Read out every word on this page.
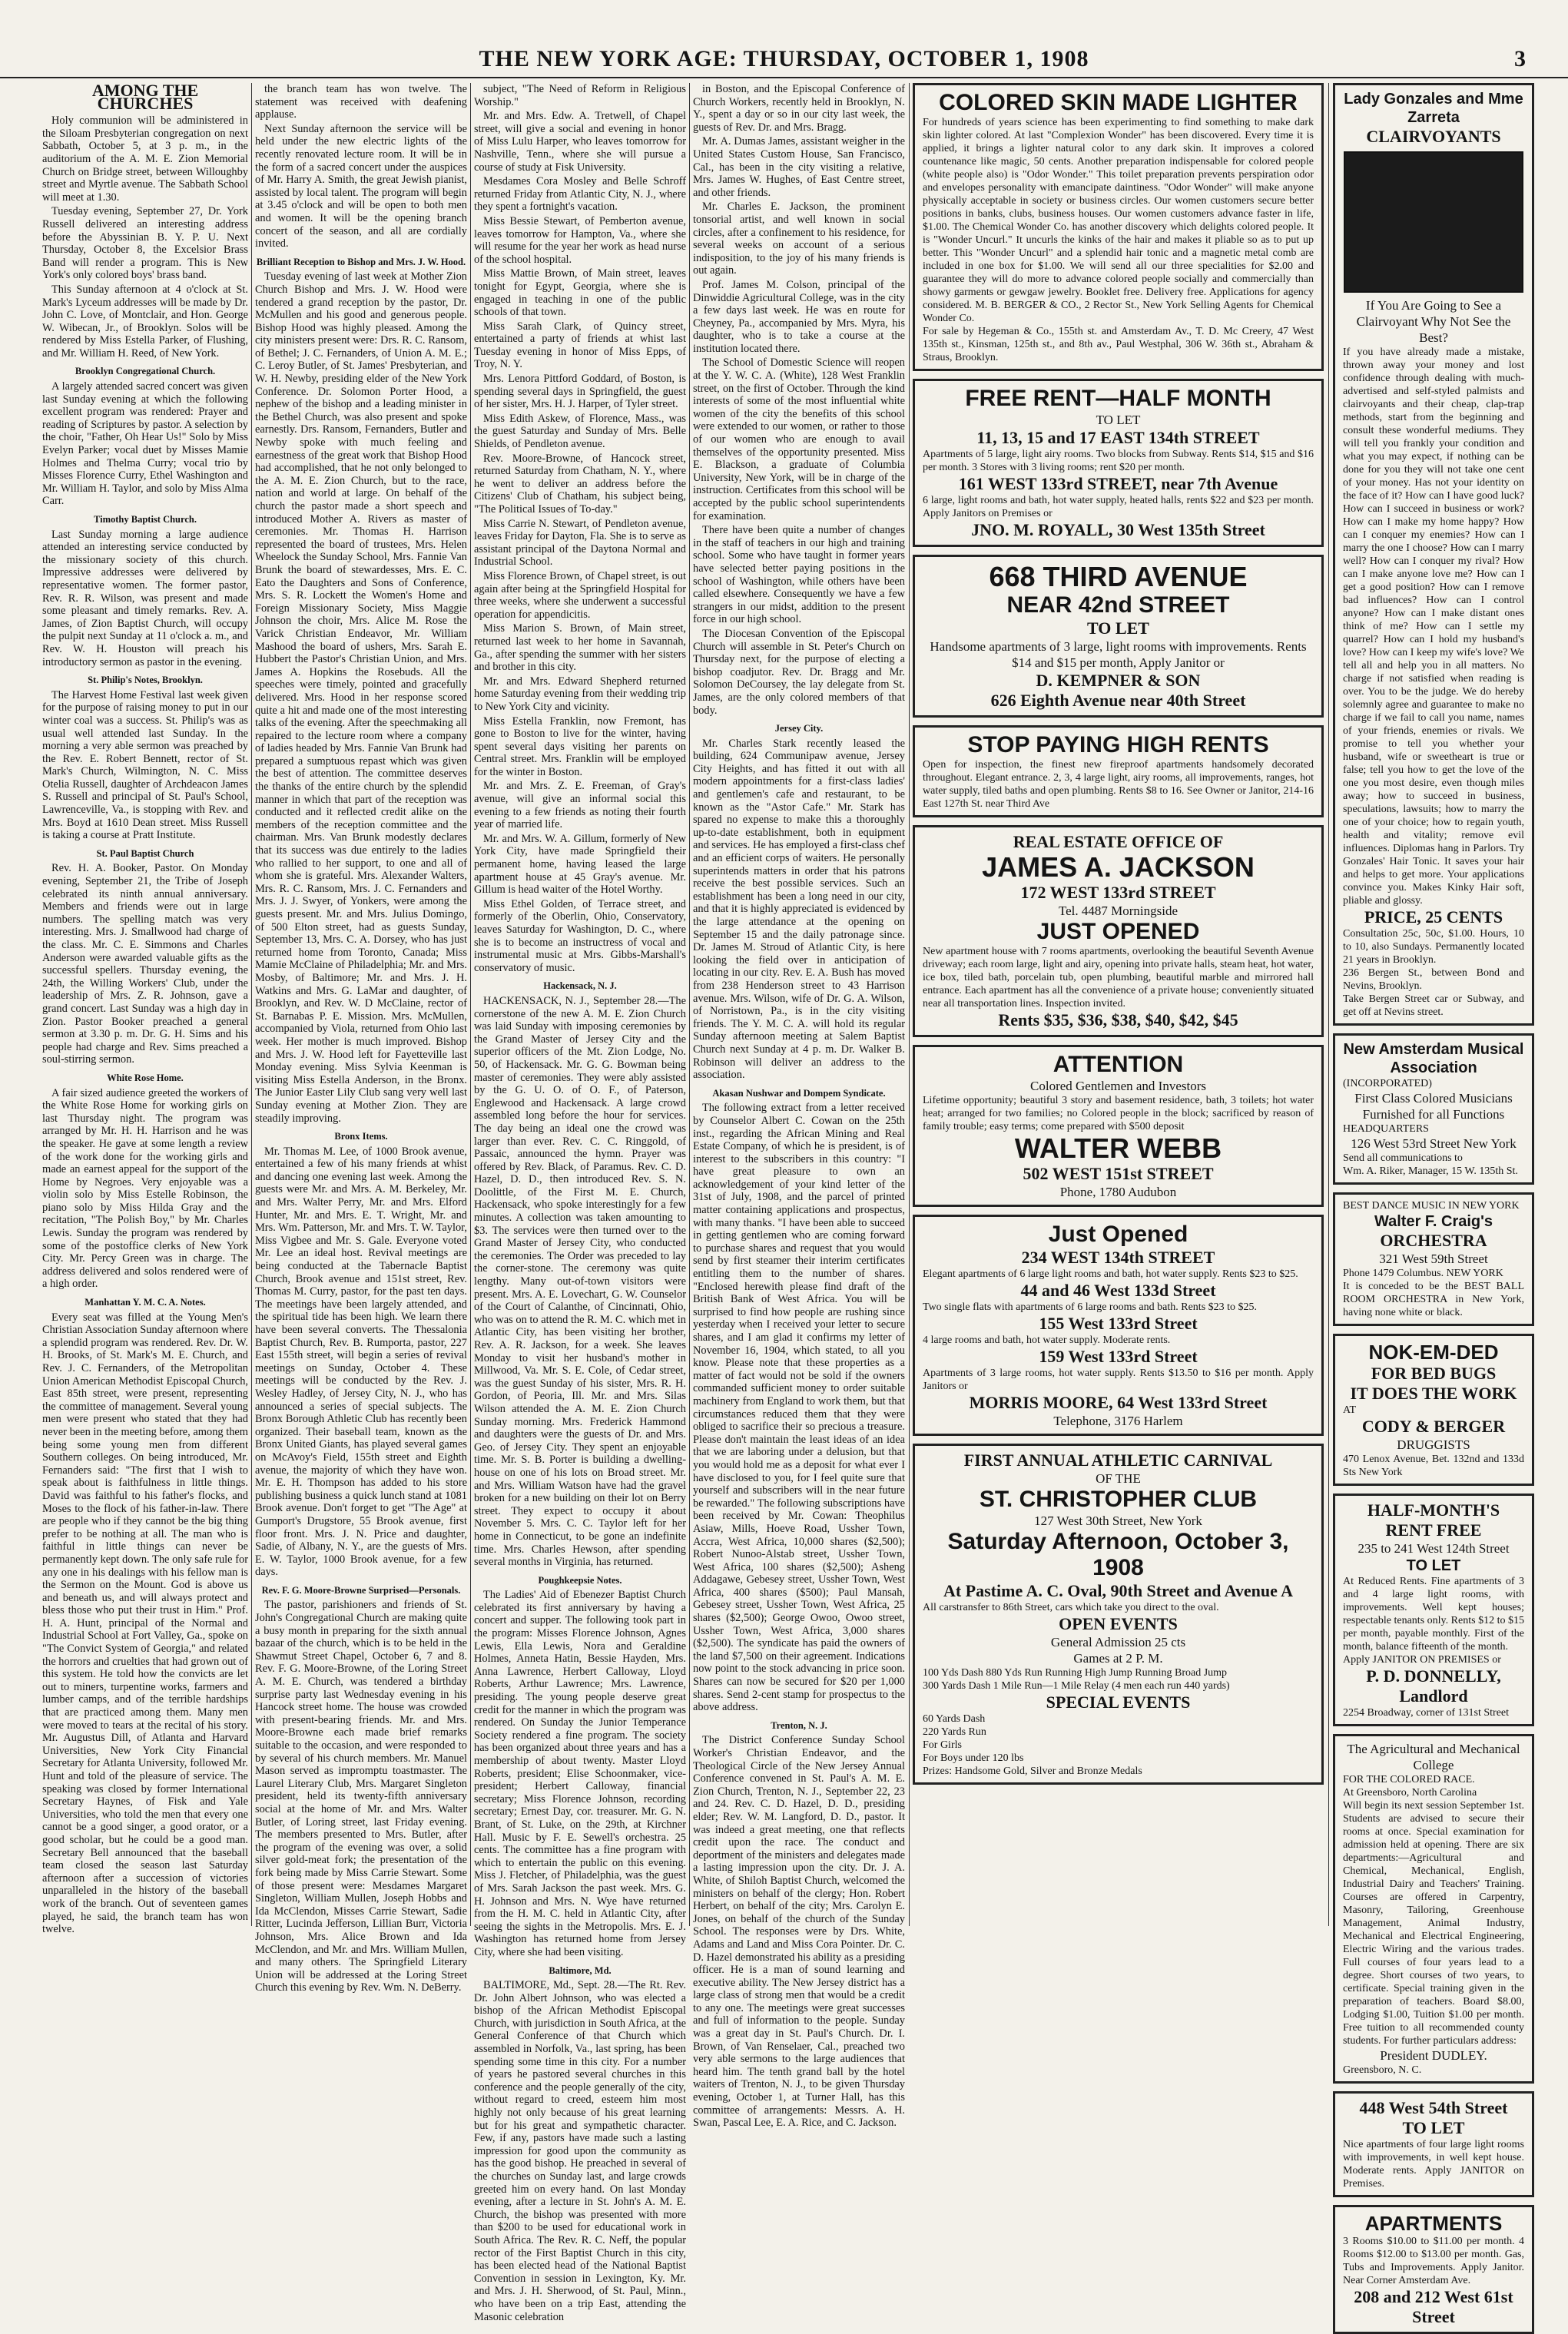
THE NEW YORK AGE: THURSDAY, OCTOBER 1, 1908	3
AMONG THE CHURCHES

Holy communion will be administered in the Siloam Presbyterian congregation on next Sabbath, October 5, at 3 p. m., in the auditorium of the A. M. E. Zion Memorial Church on Bridge street, between Willoughby street and Myrtle avenue. The Sabbath School will meet at 1.30.

Tuesday evening, September 27, Dr. York Russell delivered an interesting address before the Abyssinian B. Y. P. U. Next Thursday, October 8, the Excelsior Brass Band will render a program. This is New York's only colored boys' brass band.

This Sunday afternoon at 4 o'clock at St. Mark's Lyceum addresses will be made by Dr. John C. Love, of Montclair, and Hon. George W. Wibecan, Jr., of Brooklyn. Solos will be rendered by Miss Estella Parker, of Flushing, and Mr. William H. Reed, of New York.

Brooklyn Congregational Church.

A largely attended sacred concert was given last Sunday evening at which the following excellent program was rendered: Prayer and reading of Scriptures by pastor. A selection by the choir, "Father, Oh Hear Us!" Solo by Miss Evelyn Parker; vocal duet by Misses Mamie Holmes and Thelma Curry; vocal trio by Misses Florence Curry, Ethel Washington and Mr. William H. Taylor, and solo by Miss Alma Carr.

Timothy Baptist Church.

Last Sunday morning a large audience attended an interesting service conducted by the missionary society of this church. Impressive addresses were delivered by representative women. The former pastor, Rev. R. R. Wilson, was present and made some pleasant and timely remarks. Rev. A. James, of Zion Baptist Church, will occupy the pulpit next Sunday at 11 o'clock a. m., and Rev. W. H. Houston will preach his introductory sermon as pastor in the evening.

St. Philip's Notes, Brooklyn.

The Harvest Home Festival last week given for the purpose of raising money to put in our winter coal was a success. St. Philip's was as usual well attended last Sunday. In the morning a very able sermon was preached by the Rev. E. Robert Bennett, rector of St. Mark's Church, Wilmington, N. C. Miss Otelia Russell, daughter of Archdeacon James S. Russell and principal of St. Paul's School, Lawrenceville, Va., is stopping with Rev. and Mrs. Boyd at 1610 Dean street. Miss Russell is taking a course at Pratt Institute.

St. Paul Baptist Church

Rev. H. A. Booker, Pastor. On Monday evening, September 21, the Tribe of Joseph celebrated its ninth annual anniversary. Members and friends were out in large numbers. The spelling match was very interesting. Mrs. J. Smallwood had charge of the class. Mr. C. E. Simmons and Charles Anderson were awarded valuable gifts as the successful spellers. Thursday evening, the 24th, the Willing Workers' Club, under the leadership of Mrs. Z. R. Johnson, gave a grand concert. Last Sunday was a high day in Zion. Pastor Booker preached a general sermon at 3.30 p. m. Dr. G. H. Sims and his people had charge and Rev. Sims preached a soul-stirring sermon.

White Rose Home.

A fair sized audience greeted the workers of the White Rose Home for working girls on last Thursday night. The program was arranged by Mr. H. H. Harrison and he was the speaker. He gave at some length a review of the work done for the working girls and made an earnest appeal for the support of the Home by Negroes. Very enjoyable was a violin solo by Miss Estelle Robinson, the piano solo by Miss Hilda Gray and the recitation, "The Polish Boy," by Mr. Charles Lewis. Sunday the program was rendered by some of the postoffice clerks of New York City. Mr. Percy Green was in charge. The address delivered and solos rendered were of a high order.

Manhattan Y. M. C. A. Notes.

Every seat was filled at the Young Men's Christian Association Sunday afternoon where a splendid program was rendered. Rev. Dr. W. H. Brooks, of St. Mark's M. E. Church, and Rev. J. C. Fernanders, of the Metropolitan Union American Methodist Episcopal Church, East 85th street, were present, representing the committee of management. Several young men were present who stated that they had never been in the meeting before, among them being some young men from different Southern colleges. On being introduced, Mr. Fernanders said: "The first that I wish to speak about is faithfulness in little things. David was faithful to his father's flocks, and Moses to the flock of his father-in-law. There are people who if they cannot be the big thing prefer to be nothing at all. The man who is faithful in little things can never be permanently kept down. The only safe rule for any one in his dealings with his fellow man is the Sermon on the Mount. God is above us and beneath us, and will always protect and bless those who put their trust in Him." Prof. H. A. Hunt, principal of the Normal and Industrial School at Fort Valley, Ga., spoke on "The Convict System of Georgia," and related the horrors and cruelties that had grown out of this system. He told how the convicts are let out to miners, turpentine works, farmers and lumber camps, and of the terrible hardships that are practiced among them. Many men were moved to tears at the recital of his story. Mr. Augustus Dill, of Atlanta and Harvard Universities, New York City Financial Secretary for Atlanta University, followed Mr. Hunt and told of the pleasure of service. The speaking was closed by former International Secretary Haynes, of Fisk and Yale Universities, who told the men that every one cannot be a good singer, a good orator, or a good scholar, but he could be a good man. Secretary Bell announced that the baseball team closed the season last Saturday afternoon after a succession of victories unparalleled in the history of the baseball work of the branch. Out of seventeen games played, he said, the branch team has won twelve.

the branch team has won twelve. The statement was received with deafening applause.

Next Sunday afternoon the service will be held under the new electric lights of the recently renovated lecture room. It will be in the form of a sacred concert under the auspices of Mr. Harry A. Smith, the great Jewish pianist, assisted by local talent. The program will begin at 3.45 o'clock and will be open to both men and women. It will be the opening branch concert of the season, and all are cordially invited.

Brilliant Reception to Bishop and Mrs. J. W. Hood.

Tuesday evening of last week at Mother Zion Church Bishop and Mrs. J. W. Hood were tendered a grand reception by the pastor, Dr. McMullen and his good and generous people. Bishop Hood was highly pleased. Among the city ministers present were: Drs. R. C. Ransom, of Bethel; J. C. Fernanders, of Union A. M. E.; C. Leroy Butler, of St. James' Presbyterian, and W. H. Newby, presiding elder of the New York Conference. Dr. Solomon Porter Hood, a nephew of the bishop and a leading minister in the Bethel Church, was also present and spoke earnestly. Drs. Ransom, Fernanders, Butler and Newby spoke with much feeling and earnestness of the great work that Bishop Hood had accomplished, that he not only belonged to the A. M. E. Zion Church, but to the race, nation and world at large. On behalf of the church the pastor made a short speech and introduced Mother A. Rivers as master of ceremonies. Mr. Thomas H. Harrison represented the board of trustees, Mrs. Helen Wheelock the Sunday School, Mrs. Fannie Van Brunk the board of stewardesses, Mrs. E. C. Eato the Daughters and Sons of Conference, Mrs. S. R. Lockett the Women's Home and Foreign Missionary Society, Miss Maggie Johnson the choir, Mrs. Alice M. Rose the Varick Christian Endeavor, Mr. William Mashood the board of ushers, Mrs. Sarah E. Hubbert the Pastor's Christian Union, and Mrs. James A. Hopkins the Rosebuds. All the speeches were timely, pointed and gracefully delivered. Mrs. Hood in her response scored quite a hit and made one of the most interesting talks of the evening. After the speechmaking all repaired to the lecture room where a company of ladies headed by Mrs. Fannie Van Brunk had prepared a sumptuous repast which was given the best of attention. The committee deserves the thanks of the entire church by the splendid manner in which that part of the reception was conducted and it reflected credit alike on the members of the reception committee and the chairman. Mrs. Van Brunk modestly declares that its success was due entirely to the ladies who rallied to her support, to one and all of whom she is grateful. Mrs. Alexander Walters, Mrs. R. C. Ransom, Mrs. J. C. Fernanders and Mrs. J. J. Swyer, of Yonkers, were among the guests present. Mr. and Mrs. Julius Domingo, of 500 Elton street, had as guests Sunday, September 13, Mrs. C. A. Dorsey, who has just returned home from Toronto, Canada; Miss Mamie McClaine of Philadelphia; Mr. and Mrs. Mosby, of Baltimore; Mr. and Mrs. J. H. Watkins and Mrs. G. LaMar and daughter, of Brooklyn, and Rev. W. D McClaine, rector of St. Barnabas P. E. Mission. Mrs. McMullen, accompanied by Viola, returned from Ohio last week. Her mother is much improved. Bishop and Mrs. J. W. Hood left for Fayetteville last Monday evening. Miss Sylvia Keenman is visiting Miss Estella Anderson, in the Bronx. The Junior Easter Lily Club sang very well last Sunday evening at Mother Zion. They are steadily improving.

Bronx Items.

Mr. Thomas M. Lee, of 1000 Brook avenue, entertained a few of his many friends at whist and dancing one evening last week. Among the guests were Mr. and Mrs. A. M. Berkeley, Mr. and Mrs. Walter Perry, Mr. and Mrs. Elford Hunter, Mr. and Mrs. E. T. Wright, Mr. and Mrs. Wm. Patterson, Mr. and Mrs. T. W. Taylor, Miss Vigbee and Mr. S. Gale. Everyone voted Mr. Lee an ideal host. Revival meetings are being conducted at the Tabernacle Baptist Church, Brook avenue and 151st street, Rev. Thomas M. Curry, pastor, for the past ten days. The meetings have been largely attended, and the spiritual tide has been high. We learn there have been several converts. The Thessalonia Baptist Church, Rev. B. Rumporta, pastor, 227 East 155th street, will begin a series of revival meetings on Sunday, October 4. These meetings will be conducted by the Rev. J. Wesley Hadley, of Jersey City, N. J., who has announced a series of special subjects. The Bronx Borough Athletic Club has recently been organized. Their baseball team, known as the Bronx United Giants, has played several games on McAvoy's Field, 155th street and Eighth avenue, the majority of which they have won. Mr. E. H. Thompson has added to his store publishing business a quick lunch stand at 1081 Brook avenue. Don't forget to get "The Age" at Gumport's Drugstore, 55 Brook avenue, first floor front. Mrs. J. N. Price and daughter, Sadie, of Albany, N. Y., are the guests of Mrs. E. W. Taylor, 1000 Brook avenue, for a few days.

Rev. F. G. Moore-Browne Surprised—Personals.

The pastor, parishioners and friends of St. John's Congregational Church are making quite a busy month in preparing for the sixth annual bazaar of the church, which is to be held in the Shawmut Street Chapel, October 6, 7 and 8. Rev. F. G. Moore-Browne, of the Loring Street A. M. E. Church, was tendered a birthday surprise party last Wednesday evening in his Hancock street home. The house was crowded with present-bearing friends. Mr. and Mrs. Moore-Browne each made brief remarks suitable to the occasion, and were responded to by several of his church members. Mr. Manuel Mason served as impromptu toastmaster. The Laurel Literary Club, Mrs. Margaret Singleton president, held its twenty-fifth anniversary social at the home of Mr. and Mrs. Walter Butler, of Loring street, last Friday evening. The members presented to Mrs. Butler, after the program of the evening was over, a solid silver gold-meat fork; the presentation of the fork being made by Miss Carrie Stewart. Some of those present were: Mesdames Margaret Singleton, William Mullen, Joseph Hobbs and Ida McClendon, Misses Carrie Stewart, Sadie Ritter, Lucinda Jefferson, Lillian Burr, Victoria Johnson, Mrs. Alice Brown and Ida McClendon, and Mr. and Mrs. William Mullen, and many others. The Springfield Literary Union will be addressed at the Loring Street Church this evening by Rev. Wm. N. DeBerry.

subject, "The Need of Reform in Religious Worship."

Mr. and Mrs. Edw. A. Tretwell, of Chapel street, will give a social and evening in honor of Miss Lulu Harper, who leaves tomorrow for Nashville, Tenn., where she will pursue a course of study at Fisk University.

Mesdames Cora Mosley and Belle Schroff returned Friday from Atlantic City, N. J., where they spent a fortnight's vacation.

Miss Bessie Stewart, of Pemberton avenue, leaves tomorrow for Hampton, Va., where she will resume for the year her work as head nurse of the school hospital.

Miss Mattie Brown, of Main street, leaves tonight for Egypt, Georgia, where she is engaged in teaching in one of the public schools of that town.

Miss Sarah Clark, of Quincy street, entertained a party of friends at whist last Tuesday evening in honor of Miss Epps, of Troy, N. Y.

Mrs. Lenora Pittford Goddard, of Boston, is spending several days in Springfield, the guest of her sister, Mrs. H. J. Harper, of Tyler street.

Miss Edith Askew, of Florence, Mass., was the guest Saturday and Sunday of Mrs. Belle Shields, of Pendleton avenue.

Rev. Moore-Browne, of Hancock street, returned Saturday from Chatham, N. Y., where he went to deliver an address before the Citizens' Club of Chatham, his subject being, "The Political Issues of To-day."

Miss Carrie N. Stewart, of Pendleton avenue, leaves Friday for Dayton, Fla. She is to serve as assistant principal of the Daytona Normal and Industrial School.

Miss Florence Brown, of Chapel street, is out again after being at the Springfield Hospital for three weeks, where she underwent a successful operation for appendicitis.

Miss Marion S. Brown, of Main street, returned last week to her home in Savannah, Ga., after spending the summer with her sisters and brother in this city.

Mr. and Mrs. Edward Shepherd returned home Saturday evening from their wedding trip to New York City and vicinity.

Miss Estella Franklin, now Fremont, has gone to Boston to live for the winter, having spent several days visiting her parents on Central street. Mrs. Franklin will be employed for the winter in Boston.

Mr. and Mrs. Z. E. Freeman, of Gray's avenue, will give an informal social this evening to a few friends as noting their fourth year of married life.

Mr. and Mrs. W. A. Gillum, formerly of New York City, have made Springfield their permanent home, having leased the large apartment house at 45 Gray's avenue. Mr. Gillum is head waiter of the Hotel Worthy.

Miss Ethel Golden, of Terrace street, and formerly of the Oberlin, Ohio, Conservatory, leaves Saturday for Washington, D. C., where she is to become an instructress of vocal and instrumental music at Mrs. Gibbs-Marshall's conservatory of music.

Hackensack, N. J.

HACKENSACK, N. J., September 28.—The cornerstone of the new A. M. E. Zion Church was laid Sunday with imposing ceremonies by the Grand Master of Jersey City and the superior officers of the Mt. Zion Lodge, No. 50, of Hackensack. Mr. G. G. Bowman being master of ceremonies. They were ably assisted by the G. U. O. of O. F., of Paterson, Englewood and Hackensack. A large crowd assembled long before the hour for services. The day being an ideal one the crowd was larger than ever. Rev. C. C. Ringgold, of Passaic, announced the hymn. Prayer was offered by Rev. Black, of Paramus. Rev. C. D. Hazel, D. D., then introduced Rev. S. N. Doolittle, of the First M. E. Church, Hackensack, who spoke interestingly for a few minutes. A collection was taken amounting to $3. The services were then turned over to the Grand Master of Jersey City, who conducted the ceremonies. The Order was preceded to lay the corner-stone. The ceremony was quite lengthy. Many out-of-town visitors were present. Mrs. A. E. Lovechart, G. W. Counselor of the Court of Calanthe, of Cincinnati, Ohio, who was on to attend the R. M. C. which met in Atlantic City, has been visiting her brother, Rev. A. R. Jackson, for a week. She leaves Monday to visit her husband's mother in Millwood, Va. Mr. S. E. Cole, of Cedar street, was the guest Sunday of his sister, Mrs. R. H. Gordon, of Peoria, Ill. Mr. and Mrs. Silas Wilson attended the A. M. E. Zion Church Sunday morning. Mrs. Frederick Hammond and daughters were the guests of Dr. and Mrs. Geo. of Jersey City. They spent an enjoyable time. Mr. S. B. Porter is building a dwelling-house on one of his lots on Broad street. Mr. and Mrs. William Watson have had the gravel broken for a new building on their lot on Berry street. They expect to occupy it about November 5. Mrs. C. C. Taylor left for her home in Connecticut, to be gone an indefinite time. Mrs. Charles Hewson, after spending several months in Virginia, has returned.

Poughkeepsie Notes.

The Ladies' Aid of Ebenezer Baptist Church celebrated its first anniversary by having a concert and supper. The following took part in the program: Misses Florence Johnson, Agnes Lewis, Ella Lewis, Nora and Geraldine Holmes, Anneta Hatin, Bessie Hayden, Mrs. Anna Lawrence, Herbert Calloway, Lloyd Roberts, Arthur Lawrence; Mrs. Lawrence, presiding. The young people deserve great credit for the manner in which the program was rendered. On Sunday the Junior Temperance Society rendered a fine program. The society has been organized about three years and has a membership of about twenty. Master Lloyd Roberts, president; Elise Schoonmaker, vice-president; Herbert Calloway, financial secretary; Miss Florence Johnson, recording secretary; Ernest Day, cor. treasurer. Mr. G. N. Brant, of St. Luke, on the 29th, at Kirchner Hall. Music by F. E. Sewell's orchestra. 25 cents. The committee has a fine program with which to entertain the public on this evening. Miss J. Fletcher, of Philadelphia, was the guest of Mrs. Sarah Jackson the past week. Mrs. G. H. Johnson and Mrs. N. Wye have returned from the H. M. C. held in Atlantic City, after seeing the sights in the Metropolis. Mrs. E. J. Washington has returned home from Jersey City, where she had been visiting.

Baltimore, Md.

BALTIMORE, Md., Sept. 28.—The Rt. Rev. Dr. John Albert Johnson, who was elected a bishop of the African Methodist Episcopal Church, with jurisdiction in South Africa, at the General Conference of that Church which assembled in Norfolk, Va., last spring, has been spending some time in this city. For a number of years he pastored several churches in this conference and the people generally of the city, without regard to creed, esteem him most highly not only because of his great learning but for his great and sympathetic character. Few, if any, pastors have made such a lasting impression for good upon the community as has the good bishop. He preached in several of the churches on Sunday last, and large crowds greeted him on every hand. On last Monday evening, after a lecture in St. John's A. M. E. Church, the bishop was presented with more than $200 to be used for educational work in South Africa. The Rev. R. C. Neff, the popular rector of the First Baptist Church in this city, has been elected head of the National Baptist Convention in session in Lexington, Ky. Mr. and Mrs. J. H. Sherwood, of St. Paul, Minn., who have been on a trip East, attending the Masonic celebration

in Boston, and the Episcopal Conference of Church Workers, recently held in Brooklyn, N. Y., spent a day or so in our city last week, the guests of Rev. Dr. and Mrs. Bragg.

Mr. A. Dumas James, assistant weigher in the United States Custom House, San Francisco, Cal., has been in the city visiting a relative, Mrs. James W. Hughes, of East Centre street, and other friends.

Mr. Charles E. Jackson, the prominent tonsorial artist, and well known in social circles, after a confinement to his residence, for several weeks on account of a serious indisposition, to the joy of his many friends is out again.

Prof. James M. Colson, principal of the Dinwiddie Agricultural College, was in the city a few days last week. He was en route for Cheyney, Pa., accompanied by Mrs. Myra, his daughter, who is to take a course at the institution located there.

The School of Domestic Science will reopen at the Y. W. C. A. (White), 128 West Franklin street, on the first of October. Through the kind interests of some of the most influential white women of the city the benefits of this school were extended to our women, or rather to those of our women who are enough to avail themselves of the opportunity presented. Miss E. Blackson, a graduate of Columbia University, New York, will be in charge of the instruction. Certificates from this school will be accepted by the public school superintendents for examination.

There have been quite a number of changes in the staff of teachers in our high and training school. Some who have taught in former years have selected better paying positions in the school of Washington, while others have been called elsewhere. Consequently we have a few strangers in our midst, addition to the present force in our high school.

The Diocesan Convention of the Episcopal Church will assemble in St. Peter's Church on Thursday next, for the purpose of electing a bishop coadjutor. Rev. Dr. Bragg and Mr. Solomon DeCoursey, the lay delegate from St. James, are the only colored members of that body.

Jersey City.

Mr. Charles Stark recently leased the building, 624 Communipaw avenue, Jersey City Heights, and has fitted it out with all modern appointments for a first-class ladies' and gentlemen's cafe and restaurant, to be known as the "Astor Cafe." Mr. Stark has spared no expense to make this a thoroughly up-to-date establishment, both in equipment and services. He has employed a first-class chef and an efficient corps of waiters. He personally superintends matters in order that his patrons receive the best possible services. Such an establishment has been a long need in our city, and that it is highly appreciated is evidenced by the large attendance at the opening on September 15 and the daily patronage since. Dr. James M. Stroud of Atlantic City, is here looking the field over in anticipation of locating in our city. Rev. E. A. Bush has moved from 238 Henderson street to 43 Harrison avenue. Mrs. Wilson, wife of Dr. G. A. Wilson, of Norristown, Pa., is in the city visiting friends. The Y. M. C. A. will hold its regular Sunday afternoon meeting at Salem Baptist Church next Sunday at 4 p. m. Dr. Walker B. Robinson will deliver an address to the association.

Akasan Nushwar and Dompem Syndicate.

The following extract from a letter received by Counselor Albert C. Cowan on the 25th inst., regarding the African Mining and Real Estate Company, of which he is president, is of interest to the subscribers in this country: "I have great pleasure to own an acknowledgement of your kind letter of the 31st of July, 1908, and the parcel of printed matter containing applications and prospectus, with many thanks. "I have been able to succeed in getting gentlemen who are coming forward to purchase shares and request that you would send by first steamer their interim certificates entitling them to the number of shares. "Enclosed herewith please find draft of the British Bank of West Africa. You will be surprised to find how people are rushing since yesterday when I received your letter to secure shares, and I am glad it confirms my letter of November 16, 1904, which stated, to all you know. Please note that these properties as a matter of fact would not be sold if the owners commanded sufficient money to order suitable machinery from England to work them, but that circumstances reduced them that they were obliged to sacrifice their so precious a treasure. Please don't maintain the least ideas of an idea that we are laboring under a delusion, but that you would hold me as a deposit for what ever I have disclosed to you, for I feel quite sure that yourself and subscribers will in the near future be rewarded." The following subscriptions have been received by Mr. Cowan: Theophilus Asiaw, Mills, Hoeve Road, Ussher Town, Accra, West Africa, 10,000 shares ($2,500); Robert Nunoo-Alstab street, Ussher Town, West Africa, 100 shares ($2,500); Asheng Addagawe, Gebesey street, Ussher Town, West Africa, 400 shares ($500); Paul Mansah, Gebesey street, Ussher Town, West Africa, 25 shares ($2,500); George Owoo, Owoo street, Ussher Town, West Africa, 3,000 shares ($2,500). The syndicate has paid the owners of the land $7,500 on their agreement. Indications now point to the stock advancing in price soon. Shares can now be secured for $20 per 1,000 shares. Send 2-cent stamp for prospectus to the above address.

Trenton, N. J.

The District Conference Sunday School Worker's Christian Endeavor, and the Theological Circle of the New Jersey Annual Conference convened in St. Paul's A. M. E. Zion Church, Trenton, N. J., September 22, 23 and 24. Rev. C. D. Hazel, D. D., presiding elder; Rev. W. M. Langford, D. D., pastor. It was indeed a great meeting, one that reflects credit upon the race. The conduct and deportment of the ministers and delegates made a lasting impression upon the city. Dr. J. A. White, of Shiloh Baptist Church, welcomed the ministers on behalf of the clergy; Hon. Robert Herbert, on behalf of the city; Mrs. Carolyn E. Jones, on behalf of the church of the Sunday School. The responses were by Drs. White, Adams and Land and Miss Cora Pointer. Dr. C. D. Hazel demonstrated his ability as a presiding officer. He is a man of sound learning and executive ability. The New Jersey district has a large class of strong men that would be a credit to any one. The meetings were great successes and full of information to the people. Sunday was a great day in St. Paul's Church. Dr. I. Brown, of Van Renselaer, Cal., preached two very able sermons to the large audiences that heard him. The tenth grand ball by the hotel waiters of Trenton, N. J., to be given Thursday evening, October 1, at Turner Hall, has this committee of arrangements: Messrs. A. H. Swan, Pascal Lee, E. A. Rice, and C. Jackson.

COLORED SKIN MADE LIGHTER
For hundreds of years science has been experimenting to find something to make dark skin lighter colored. At last "Complexion Wonder" has been discovered. Every time it is applied, it brings a lighter natural color to any dark skin. It improves a colored countenance like magic, 50 cents. Another preparation indispensable for colored people (white people also) is "Odor Wonder." This toilet preparation prevents perspiration odor and envelopes personality with emancipate daintiness. "Odor Wonder" will make anyone physically acceptable in society or business circles. Our women customers secure better positions in banks, clubs, business houses. Our women customers advance faster in life, $1.00. The Chemical Wonder Co. has another discovery which delights colored people. It is "Wonder Uncurl." It uncurls the kinks of the hair and makes it pliable so as to put up better. This "Wonder Uncurl" and a splendid hair tonic and a magnetic metal comb are included in one box for $1.00. We will send all our three specialities for $2.00 and guarantee they will do more to advance colored people socially and commercially than showy garments or gewgaw jewelry. Booklet free. Delivery free. Applications for agency considered. M. B. BERGER & CO., 2 Rector St., New York Selling Agents for Chemical Wonder Co.
For sale by Hegeman & Co., 155th st. and Amsterdam Av., T. D. Mc Creery, 47 West 135th st., Kinsman, 125th st., and 8th av., Paul Westphal, 306 W. 36th st., Abraham & Straus, Brooklyn.
FREE RENT—HALF MONTH
TO LET
11, 13, 15 and 17 EAST 134th STREET
Apartments of 5 large, light airy rooms. Two blocks from Subway. Rents $14, $15 and $16 per month. 3 Stores with 3 living rooms; rent $20 per month.
161 WEST 133rd STREET, near 7th Avenue
6 large, light rooms and bath, hot water supply, heated halls, rents $22 and $23 per month. Apply Janitors on Premises or
JNO. M. ROYALL, 30 West 135th Street
668 THIRD AVENUE
NEAR 42nd STREET
TO LET
Handsome apartments of 3 large, light rooms with improvements. Rents $14 and $15 per month, Apply Janitor or
D. KEMPNER & SON
626 Eighth Avenue near 40th Street
STOP PAYING HIGH RENTS
Open for inspection, the finest new fireproof apartments handsomely decorated throughout. Elegant entrance. 2, 3, 4 large light, airy rooms, all improvements, ranges, hot water supply, tiled baths and open plumbing. Rents $8 to 16. See Owner or Janitor, 214-16 East 127th St. near Third Ave
REAL ESTATE OFFICE OF
JAMES A. JACKSON
172 WEST 133rd STREET
Tel. 4487 Morningside
JUST OPENED
New apartment house with 7 rooms apartments, overlooking the beautiful Seventh Avenue driveway; each room large, light and airy, opening into private halls, steam heat, hot water, ice box, tiled bath, porcelain tub, open plumbing, beautiful marble and mirrored hall entrance. Each apartment has all the convenience of a private house; conveniently situated near all transportation lines. Inspection invited.
Rents $35, $36, $38, $40, $42, $45
ATTENTION
Colored Gentlemen and Investors
Lifetime opportunity; beautiful 3 story and basement residence, bath, 3 toilets; hot water heat; arranged for two families; no Colored people in the block; sacrificed by reason of family trouble; easy terms; come prepared with $500 deposit
WALTER WEBB
502 WEST 151st STREET
Phone, 1780 Audubon
Just Opened
234 WEST 134th STREET
Elegant apartments of 6 large light rooms and bath, hot water supply. Rents $23 to $25.
44 and 46 West 133d Street
Two single flats with apartments of 6 large rooms and bath. Rents $23 to $25.
155 West 133rd Street
4 large rooms and bath, hot water supply. Moderate rents.
159 West 133rd Street
Apartments of 3 large rooms, hot water supply. Rents $13.50 to $16 per month. Apply Janitors or
MORRIS MOORE, 64 West 133rd Street
Telephone, 3176 Harlem
FIRST ANNUAL ATHLETIC CARNIVAL
OF THE
ST. CHRISTOPHER CLUB
127 West 30th Street, New York
Saturday Afternoon, October 3, 1908
At Pastime A. C. Oval, 90th Street and Avenue A
All carstransfer to 86th Street, cars which take you direct to the oval.
OPEN EVENTS
General Admission 25 cts
Games at 2 P. M.
100 Yds Dash 880 Yds Run Running High Jump Running Broad Jump
300 Yards Dash 1 Mile Run—1 Mile Relay (4 men each run 440 yards)
SPECIAL EVENTS
60 Yards Dash
220 Yards Run
For Girls
For Boys under 120 lbs
Prizes: Handsome Gold, Silver and Bronze Medals
Lady Gonzales and Mme Zarreta
CLAIRVOYANTS
If You Are Going to See a Clairvoyant Why Not See the Best?
If you have already made a mistake, thrown away your money and lost confidence through dealing with much-advertised and self-styled palmists and clairvoyants and their cheap, clap-trap methods, start from the beginning and consult these wonderful mediums. They will tell you frankly your condition and what you may expect, if nothing can be done for you they will not take one cent of your money. Has not your identity on the face of it? How can I have good luck? How can I succeed in business or work? How can I make my home happy? How can I conquer my enemies? How can I marry the one I choose? How can I marry well? How can I conquer my rival? How can I make anyone love me? How can I get a good position? How can I remove bad influences? How can I control anyone? How can I make distant ones think of me? How can I settle my quarrel? How can I hold my husband's love? How can I keep my wife's love? We tell all and help you in all matters. No charge if not satisfied when reading is over. You to be the judge. We do hereby solemnly agree and guarantee to make no charge if we fail to call you name, names of your friends, enemies or rivals. We promise to tell you whether your husband, wife or sweetheart is true or false; tell you how to get the love of the one you most desire, even though miles away; how to succeed in business, speculations, lawsuits; how to marry the one of your choice; how to regain youth, health and vitality; remove evil influences. Diplomas hang in Parlors. Try Gonzales' Hair Tonic. It saves your hair and helps to get more. Your applications convince you. Makes Kinky Hair soft, pliable and glossy.
PRICE, 25 CENTS
Consultation 25c, 50c, $1.00. Hours, 10 to 10, also Sundays. Permanently located 21 years in Brooklyn.
236 Bergen St., between Bond and Nevins, Brooklyn.
Take Bergen Street car or Subway, and get off at Nevins street.
New Amsterdam Musical Association
(INCORPORATED)
First Class Colored Musicians Furnished for all Functions
HEADQUARTERS
126 West 53rd Street New York
Send all communications to
Wm. A. Riker, Manager, 15 W. 135th St.
BEST DANCE MUSIC IN NEW YORK
Walter F. Craig's
ORCHESTRA
321 West 59th Street
Phone 1479 Columbus. NEW YORK
It is conceded to be the BEST BALL ROOM ORCHESTRA in New York, having none white or black.
NOK-EM-DED
FOR BED BUGS
IT DOES THE WORK
AT
CODY & BERGER
DRUGGISTS
470 Lenox Avenue, Bet. 132nd and 133d Sts New York
HALF-MONTH'S RENT FREE
235 to 241 West 124th Street
TO LET
At Reduced Rents. Fine apartments of 3 and 4 large light rooms, with improvements. Well kept houses; respectable tenants only. Rents $12 to $15 per month, payable monthly. First of the month, balance fifteenth of the month.
Apply JANITOR ON PREMISES or
P. D. DONNELLY, Landlord
2254 Broadway, corner of 131st Street
The Agricultural and Mechanical College
FOR THE COLORED RACE.
At Greensboro, North Carolina
Will begin its next session September 1st. Students are advised to secure their rooms at once. Special examination for admission held at opening. There are six departments:—Agricultural and Chemical, Mechanical, English, Industrial Dairy and Teachers' Training. Courses are offered in Carpentry, Masonry, Tailoring, Greenhouse Management, Animal Industry, Mechanical and Electrical Engineering, Electric Wiring and the various trades. Full courses of four years lead to a degree. Short courses of two years, to certificate. Special training given in the preparation of teachers. Board $8.00, Lodging $1.00, Tuition $1.00 per month. Free tuition to all recommended county students. For further particulars address:
President DUDLEY.
Greensboro, N. C.
448 West 54th Street
TO LET
Nice apartments of four large light rooms with improvements, in well kept house. Moderate rents. Apply JANITOR on Premises.
APARTMENTS
3 Rooms $10.00 to $11.00 per month. 4 Rooms $12.00 to $13.00 per month. Gas, Tubs and Improvements. Apply Janitor. Near Corner Amsterdam Ave.
208 and 212 West 61st Street
